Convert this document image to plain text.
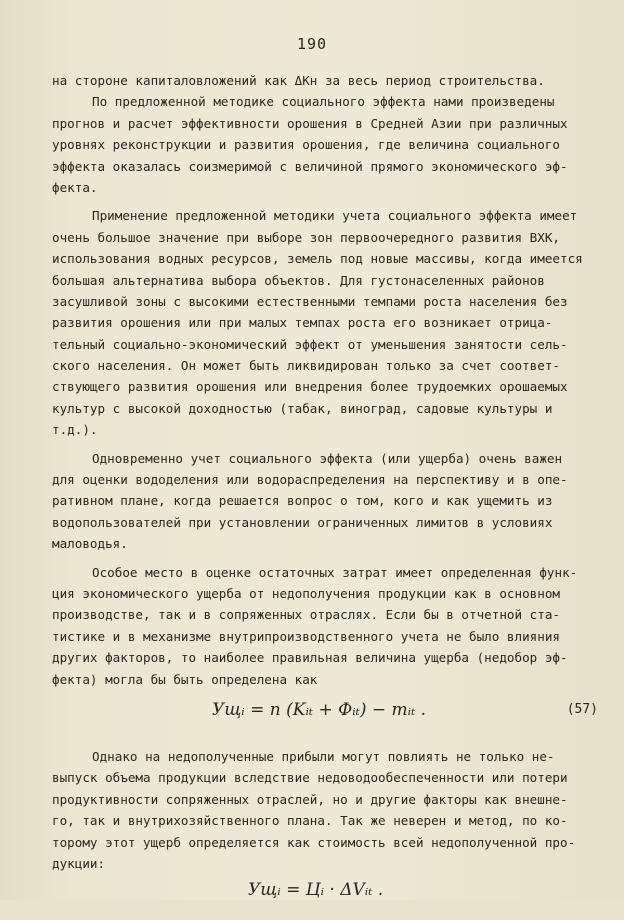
190
на стороне капиталовложений как ΔКн за весь период строительства.
По предложенной методике социального эффекта нами произведены
прогнов и расчет эффективности орошения в Средней Азии при различных
уровнях реконструкции и развития орошения, где величина социального
эффекта оказалась соизмеримой с величиной прямого экономического эф-
фекта.
Применение предложенной методики учета социального эффекта имеет
очень большое значение при выборе зон первоочередного развития ВХК,
использования водных ресурсов, земель под новые массивы, когда имеется
большая альтернатива выбора объектов. Для густонаселенных районов
засушливой зоны с высокими естественными темпами роста населения без
развития орошения или при малых темпах роста его возникает отрица-
тельный социально-экономический эффект от уменьшения занятости сель-
ского населения. Он может быть ликвидирован только за счет соответ-
ствующего развития орошения или внедрения более трудоемких орошаемых
культур с высокой доходностью (табак, виноград, садовые культуры и
т.д.).
Одновременно учет социального эффекта (или ущерба) очень важен
для оценки вододеления или водораспределения на перспективу и в опе-
ративном плане, когда решается вопрос о том, кого и как ущемить из
водопользователей при установлении ограниченных лимитов в условиях
маловодья.
Особое место в оценке остаточных затрат имеет определенная функ-
ция экономического ущерба от недополучения продукции как в основном
производстве, так и в сопряженных отраслях. Если бы в отчетной ста-
тистике и в механизме внутрипроизводственного учета не было влияния
других факторов, то наиболее правильная величина ущерба (недобор эф-
фекта) могла бы быть определена как
Ущᵢ = n (Kᵢₜ + Фᵢₜ) − mᵢₜ .	(57)
Однако на недополученные прибыли могут повлиять не только не-
выпуск объема продукции вследствие недоводообеспеченности или потери
продуктивности сопряженных отраслей, но и другие факторы как внешне-
го, так и внутрихозяйственного плана. Так же неверен и метод, по ко-
торому этот ущерб определяется как стоимость всей недополученной про-
дукции:
Ущᵢ = Цᵢ · ΔVᵢₜ .
